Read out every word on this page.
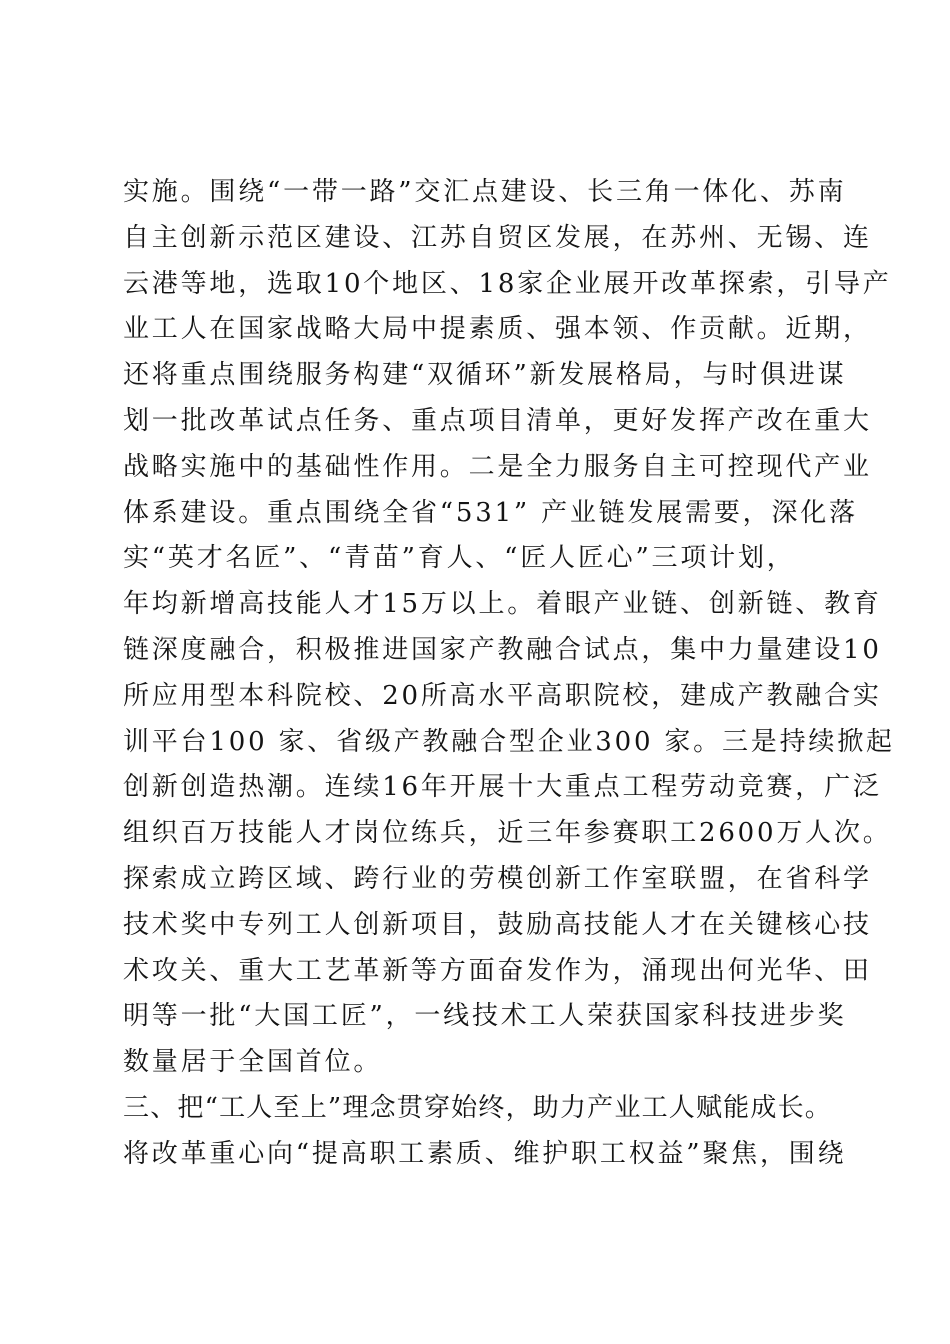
实施。围绕“一带一路”交汇点建设、长三角一体化、苏南
自主创新示范区建设、江苏自贸区发展，在苏州、无锡、连
云港等地，选取10个地区、18家企业展开改革探索，引导产
业工人在国家战略大局中提素质、强本领、作贡献。近期，
还将重点围绕服务构建“双循环”新发展格局，与时俱进谋
划一批改革试点任务、重点项目清单，更好发挥产改在重大
战略实施中的基础性作用。二是全力服务自主可控现代产业
体系建设。重点围绕全省“531” 产业链发展需要，深化落
实“英才名匠”、“青苗”育人、“匠人匠心”三项计划，
年均新增高技能人才15万以上。着眼产业链、创新链、教育
链深度融合，积极推进国家产教融合试点，集中力量建设10
所应用型本科院校、20所高水平高职院校，建成产教融合实
训平台100 家、省级产教融合型企业300 家。三是持续掀起
创新创造热潮。连续16年开展十大重点工程劳动竞赛，广泛
组织百万技能人才岗位练兵，近三年参赛职工2600万人次。
探索成立跨区域、跨行业的劳模创新工作室联盟，在省科学
技术奖中专列工人创新项目，鼓励高技能人才在关键核心技
术攻关、重大工艺革新等方面奋发作为，涌现出何光华、田
明等一批“大国工匠”，一线技术工人荣获国家科技进步奖
数量居于全国首位。
三、把“工人至上”理念贯穿始终，助力产业工人赋能成长。
将改革重心向“提高职工素质、维护职工权益”聚焦，围绕
